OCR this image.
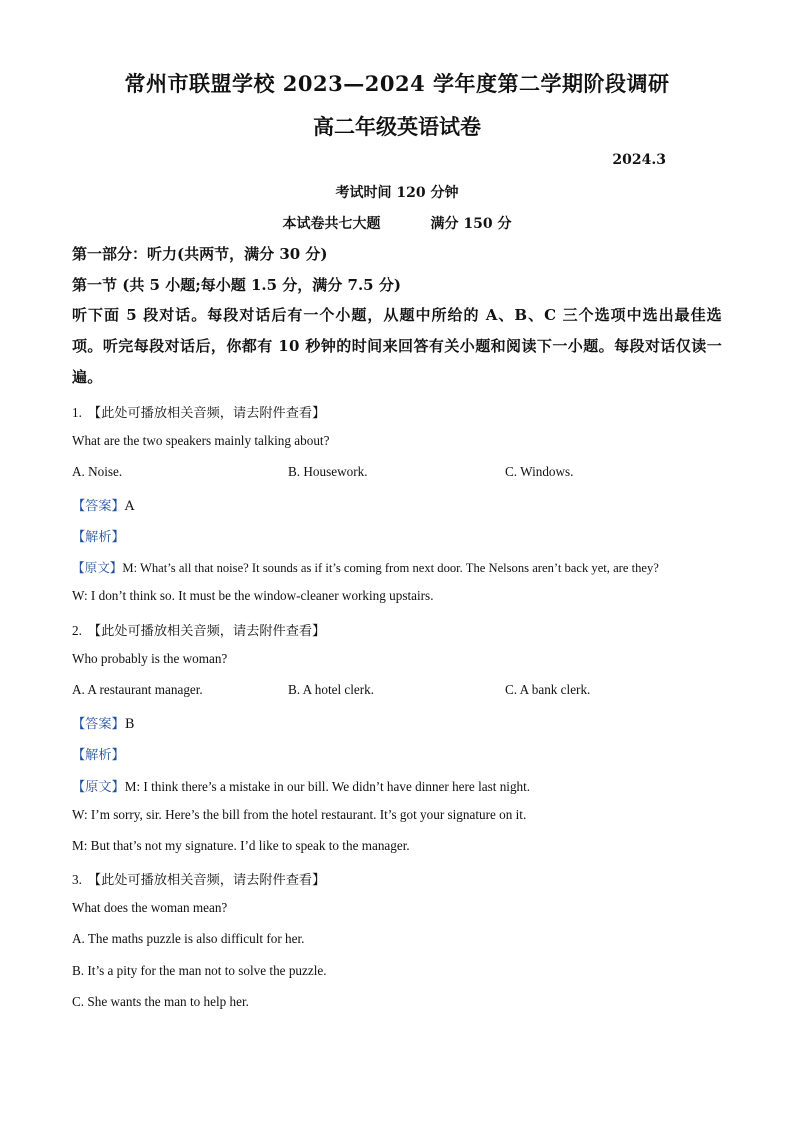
常州市联盟学校 2023—2024 学年度第二学期阶段调研
高二年级英语试卷
2024.3
考试时间 120 分钟
本试卷共七大题	满分 150 分
第一部分：听力(共两节，满分 30 分)
第一节 (共 5 小题;每小题 1.5 分，满分 7.5 分)
听下面 5 段对话。每段对话后有一个小题，从题中所给的 A、B、C 三个选项中选出最佳选项。听完每段对话后，你都有 10 秒钟的时间来回答有关小题和阅读下一小题。每段对话仅读一遍。
1. 【此处可播放相关音频，请去附件查看】
What are the two speakers mainly talking about?
A. Noise.	B. Housework.	C. Windows.
【答案】A
【解析】
【原文】M: What’s all that noise? It sounds as if it’s coming from next door. The Nelsons aren’t back yet, are they?
W: I don’t think so. It must be the window-cleaner working upstairs.
2. 【此处可播放相关音频，请去附件查看】
Who probably is the woman?
A. A restaurant manager.	B. A hotel clerk.	C. A bank clerk.
【答案】B
【解析】
【原文】M: I think there’s a mistake in our bill. We didn’t have dinner here last night.
W: I’m sorry, sir. Here’s the bill from the hotel restaurant. It’s got your signature on it.
M: But that’s not my signature. I’d like to speak to the manager.
3. 【此处可播放相关音频，请去附件查看】
What does the woman mean?
A. The maths puzzle is also difficult for her.
B. It’s a pity for the man not to solve the puzzle.
C. She wants the man to help her.
